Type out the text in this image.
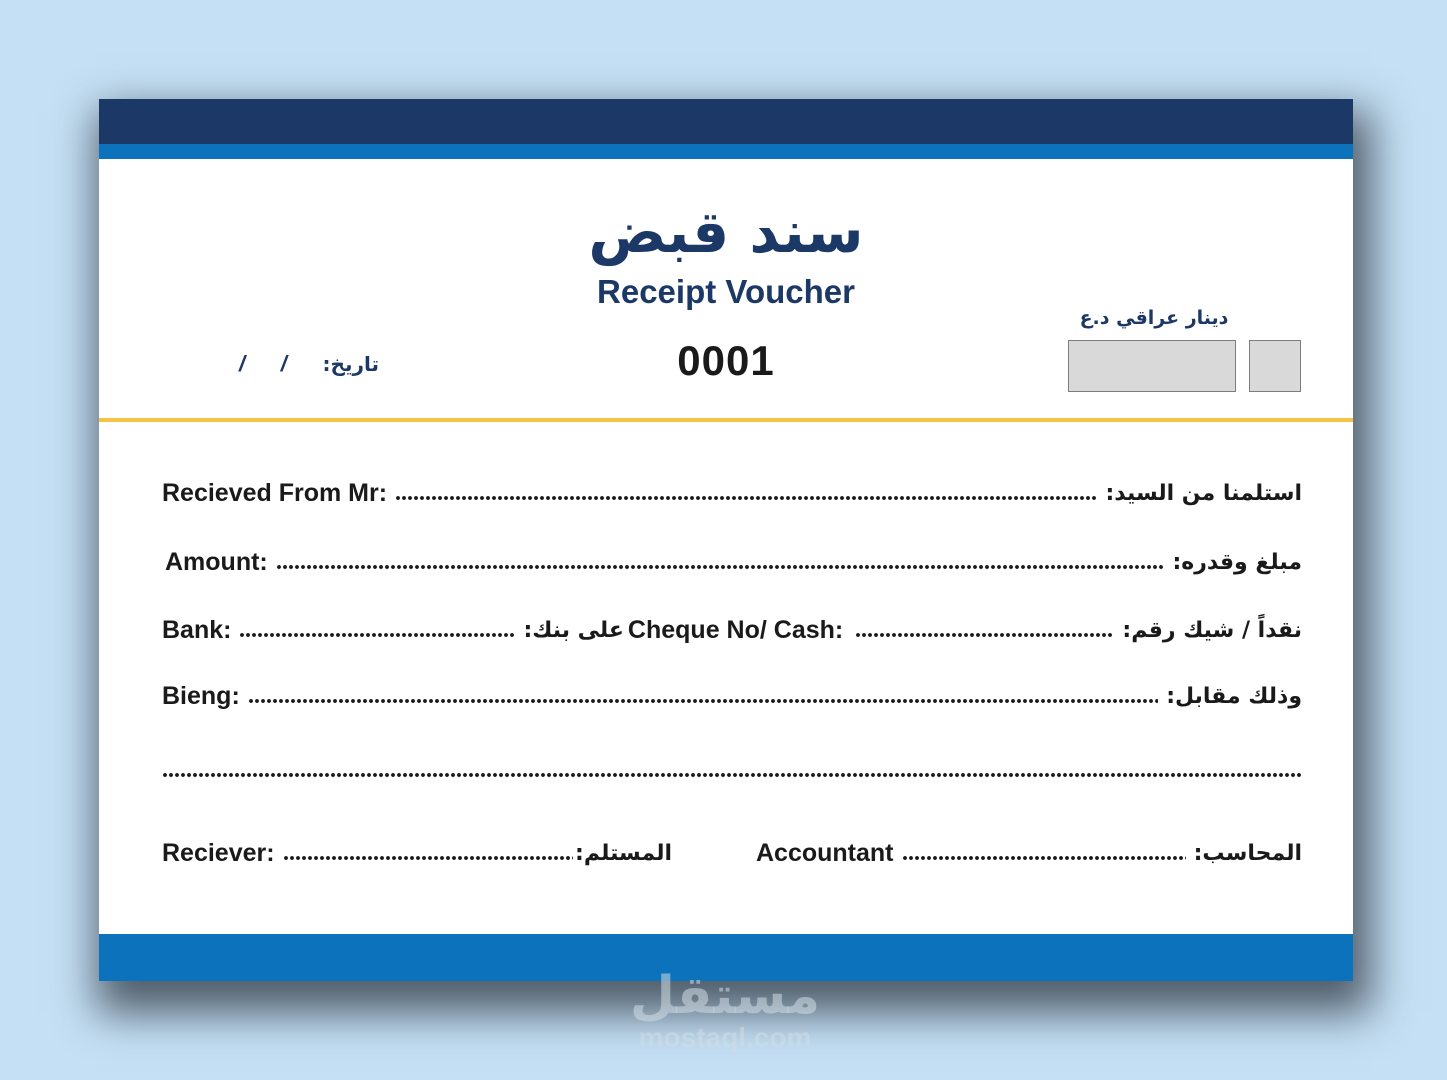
سند قبض
Receipt Voucher
0001
/ / تاريخ:
دينار عراقي د.ع
Recieved From Mr:	استلمنا من السيد:
Amount:	مبلغ وقدره:
Bank:	على بنك: Cheque No/ Cash:	نقداً / شيك رقم:
Bieng:	وذلك مقابل:
Reciever:	المستلم:	Accountant	المحاسب:
مستقل
mostaql.com
